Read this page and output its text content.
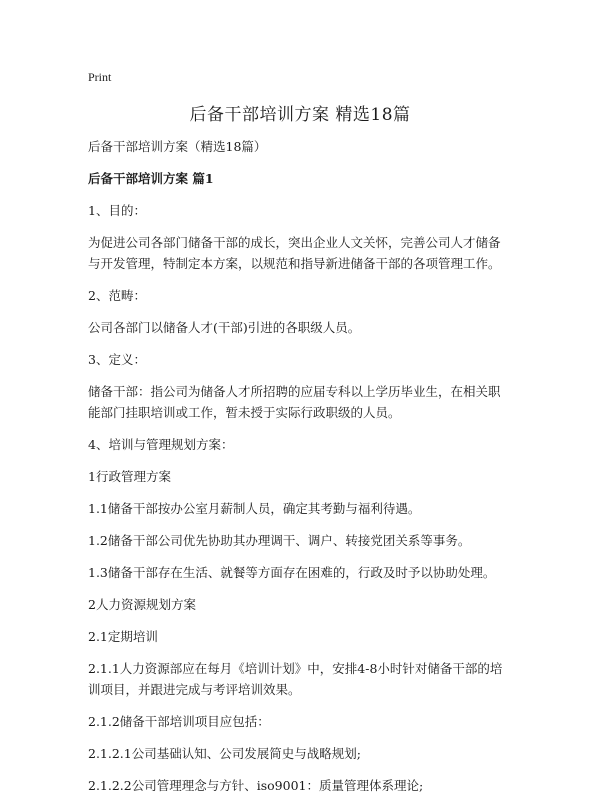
Print
后备干部培训方案 精选18篇

后备干部培训方案（精选18篇）

后备干部培训方案 篇1

1、目的：

为促进公司各部门储备干部的成长，突出企业人文关怀，完善公司人才储备与开发管理，特制定本方案，以规范和指导新进储备干部的各项管理工作。

2、范畴：

公司各部门以储备人才(干部)引进的各职级人员。

3、定义：

储备干部：指公司为储备人才所招聘的应届专科以上学历毕业生，在相关职能部门挂职培训或工作，暂未授于实际行政职级的人员。

4、培训与管理规划方案：

1行政管理方案

1.1储备干部按办公室月薪制人员，确定其考勤与福利待遇。

1.2储备干部公司优先协助其办理调干、调户、转接党团关系等事务。

1.3储备干部存在生活、就餐等方面存在困难的，行政及时予以协助处理。

2人力资源规划方案

2.1定期培训

2.1.1人力资源部应在每月《培训计划》中，安排4-8小时针对储备干部的培训项目，并跟进完成与考评培训效果。

2.1.2储备干部培训项目应包括：

2.1.2.1公司基础认知、公司发展简史与战略规划;

2.1.2.2公司管理理念与方针、iso9001：质量管理体系理论;
